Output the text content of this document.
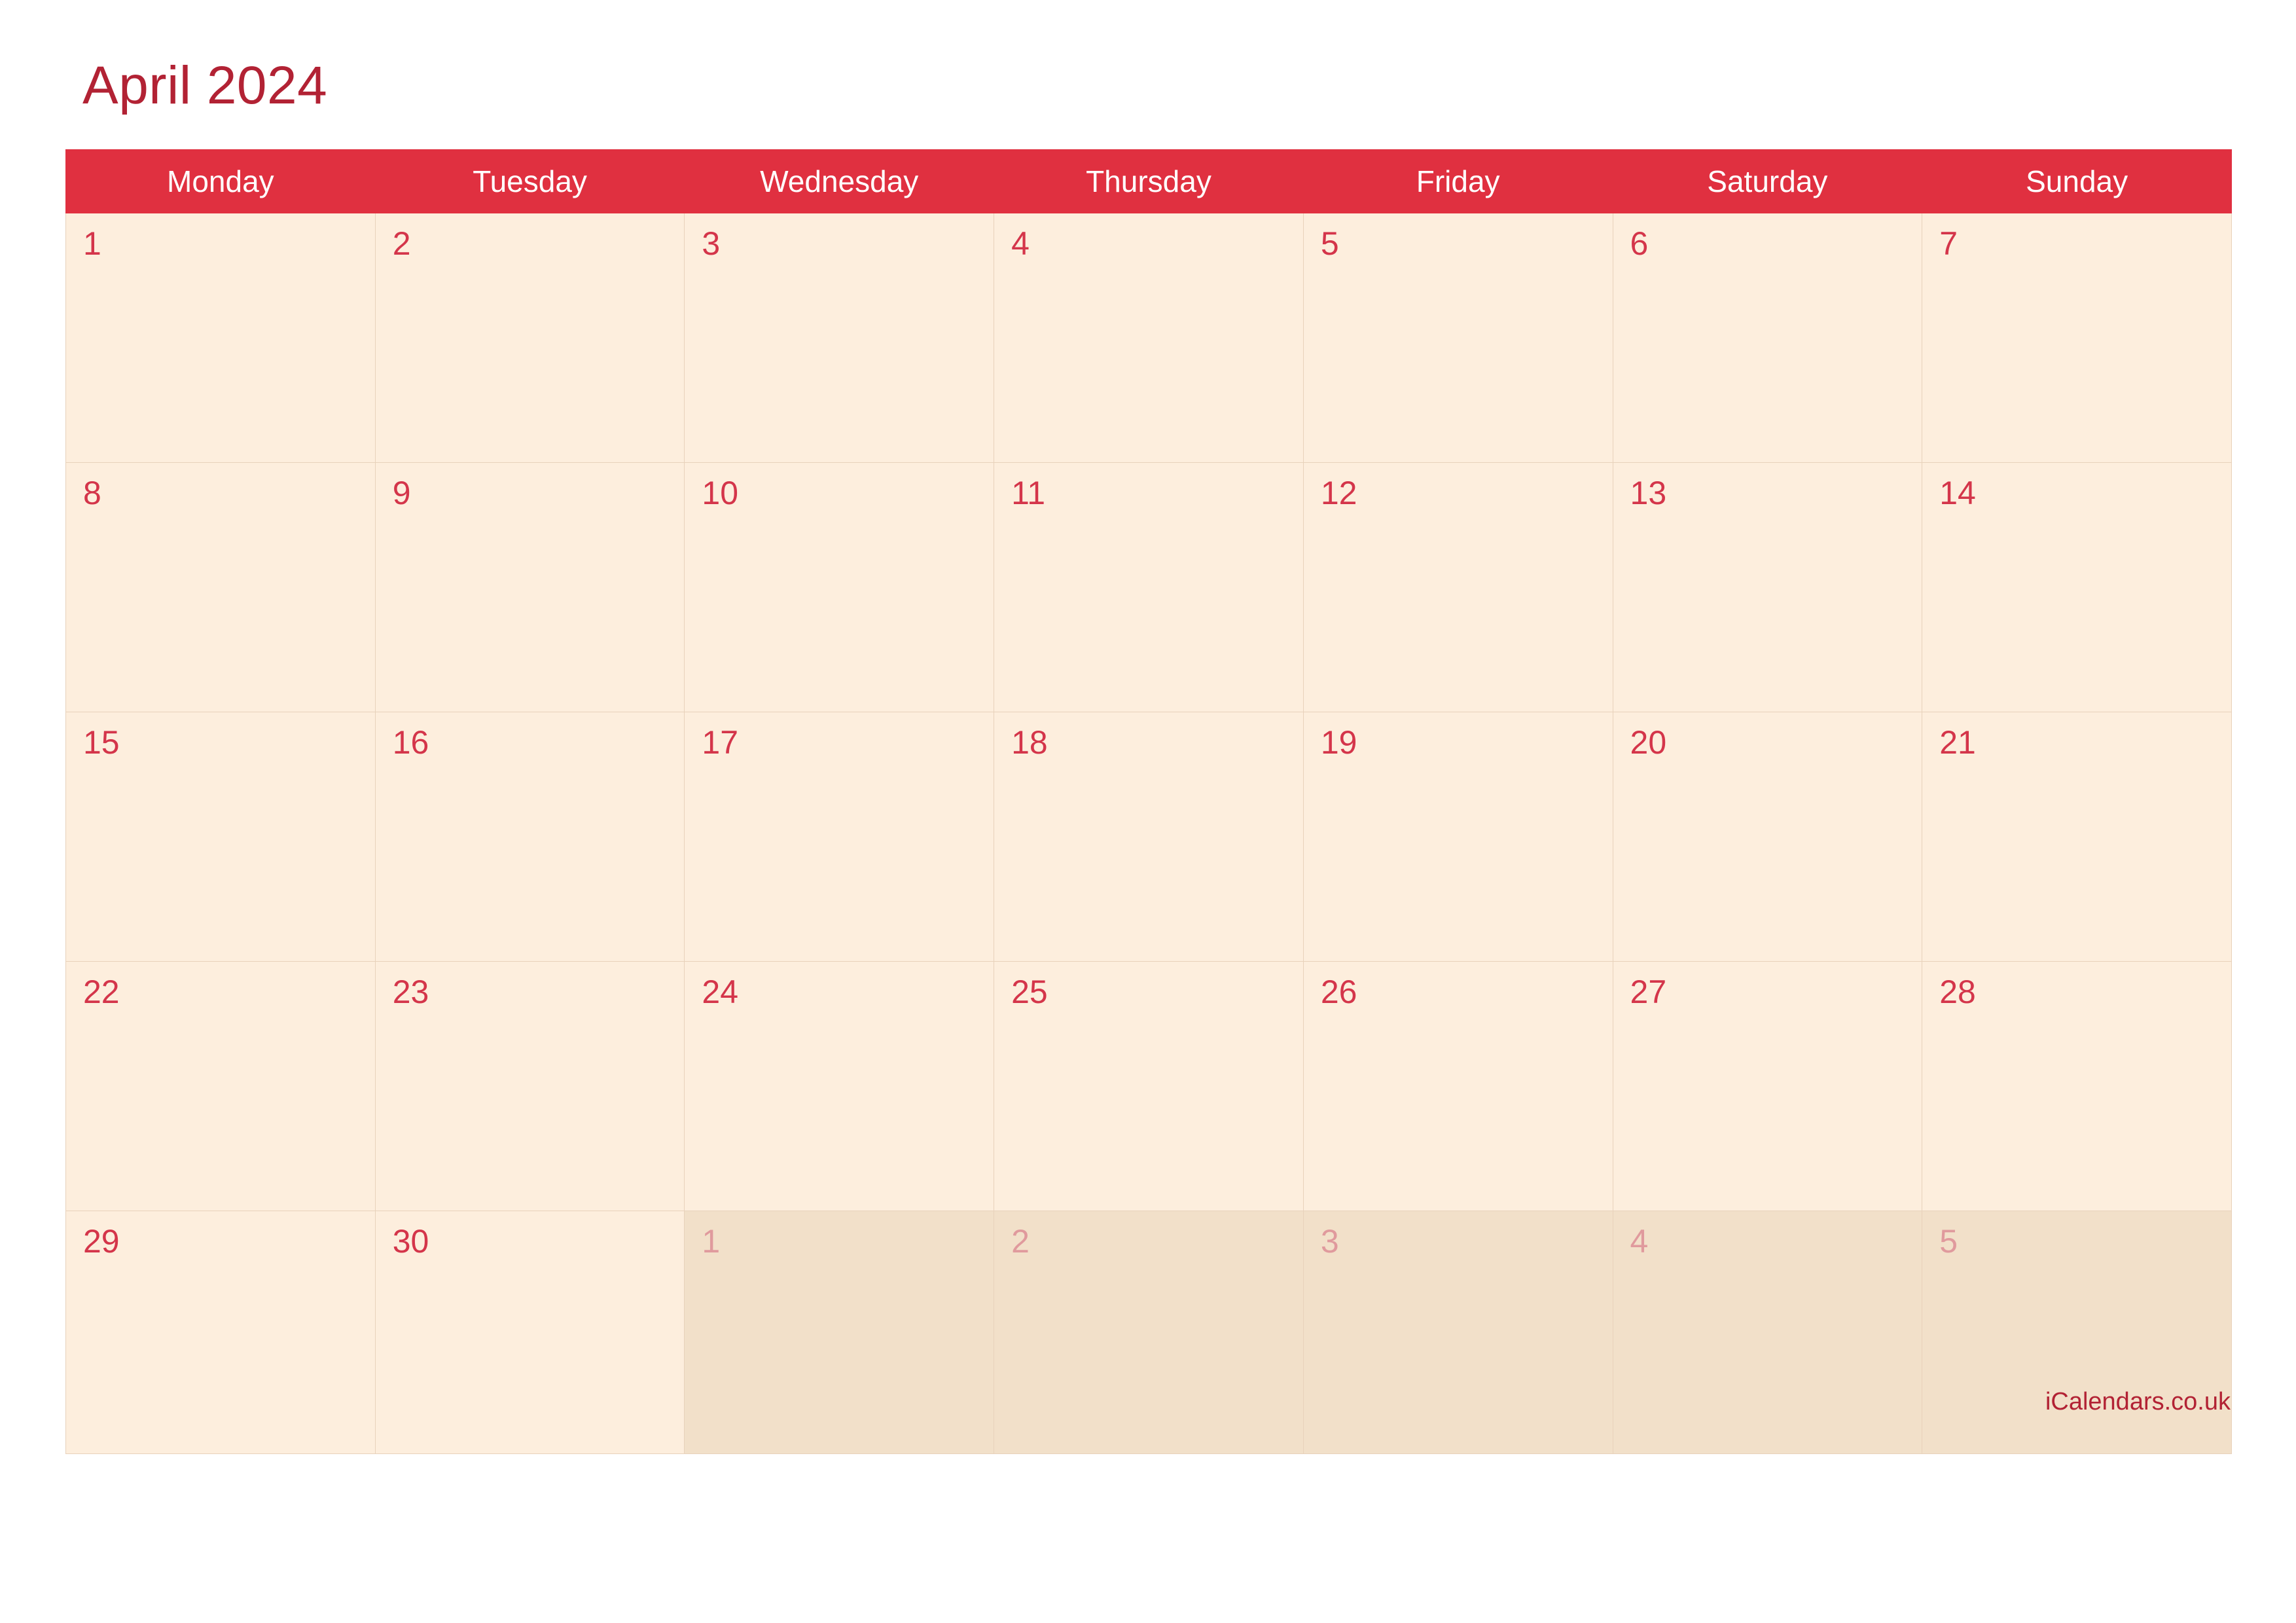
April 2024
Monday	Tuesday	Wednesday	Thursday	Friday	Saturday	Sunday

1	2	3	4	5	6	7

8	9	10	11	12	13	14

15	16	17	18	19	20	21

22	23	24	25	26	27	28

29	30	1	2	3	4	5
iCalendars.co.uk
